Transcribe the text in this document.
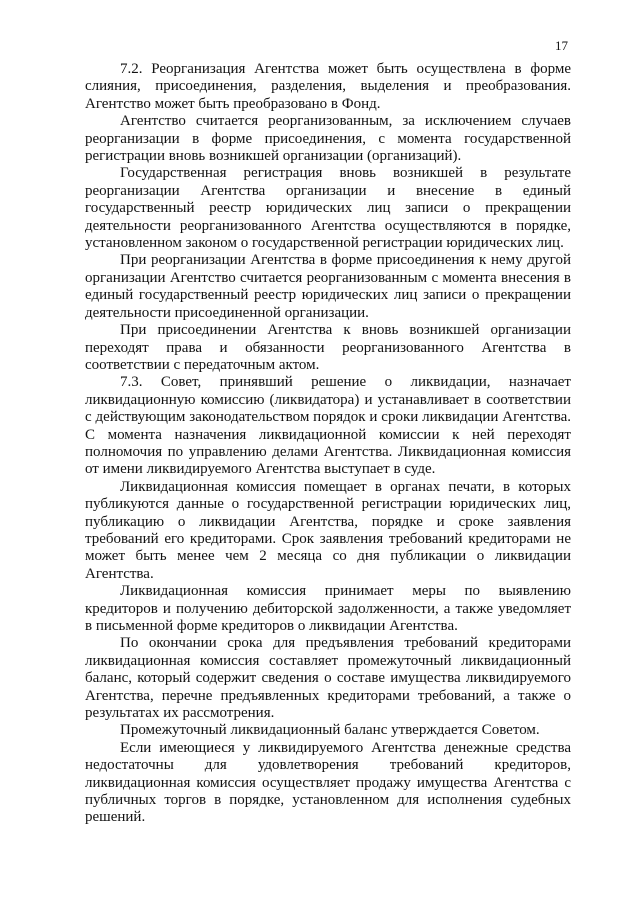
17

7.2. Реорганизация Агентства может быть осуществлена в форме слияния, присоединения, разделения, выделения и преобразования. Агентство может быть преобразовано в Фонд.

Агентство считается реорганизованным, за исключением случаев реорганизации в форме присоединения, с момента государственной регистрации вновь возникшей организации (организаций).

Государственная регистрация вновь возникшей в результате реорганизации Агентства организации и внесение в единый государственный реестр юридических лиц записи о прекращении деятельности реорганизованного Агентства осуществляются в порядке, установленном законом о государственной регистрации юридических лиц.

При реорганизации Агентства в форме присоединения к нему другой организации Агентство считается реорганизованным с момента внесения в единый государственный реестр юридических лиц записи о прекращении деятельности присоединенной организации.

При присоединении Агентства к вновь возникшей организации переходят права и обязанности реорганизованного Агентства в соответствии с передаточным актом.

7.3. Совет, принявший решение о ликвидации, назначает ликвидационную комиссию (ликвидатора) и устанавливает в соответствии с действующим законодательством порядок и сроки ликвидации Агентства. С момента назначения ликвидационной комиссии к ней переходят полномочия по управлению делами Агентства. Ликвидационная комиссия от имени ликвидируемого Агентства выступает в суде.

Ликвидационная комиссия помещает в органах печати, в которых публикуются данные о государственной регистрации юридических лиц, публикацию о ликвидации Агентства, порядке и сроке заявления требований его кредиторами. Срок заявления требований кредиторами не может быть менее чем 2 месяца со дня публикации о ликвидации Агентства.

Ликвидационная комиссия принимает меры по выявлению кредиторов и получению дебиторской задолженности, а также уведомляет в письменной форме кредиторов о ликвидации Агентства.

По окончании срока для предъявления требований кредиторами ликвидационная комиссия составляет промежуточный ликвидационный баланс, который содержит сведения о составе имущества ликвидируемого Агентства, перечне предъявленных кредиторами требований, а также о результатах их рассмотрения.

Промежуточный ликвидационный баланс утверждается Советом.

Если имеющиеся у ликвидируемого Агентства денежные средства недостаточны для удовлетворения требований кредиторов, ликвидационная комиссия осуществляет продажу имущества Агентства с публичных торгов в порядке, установленном для исполнения судебных решений.
